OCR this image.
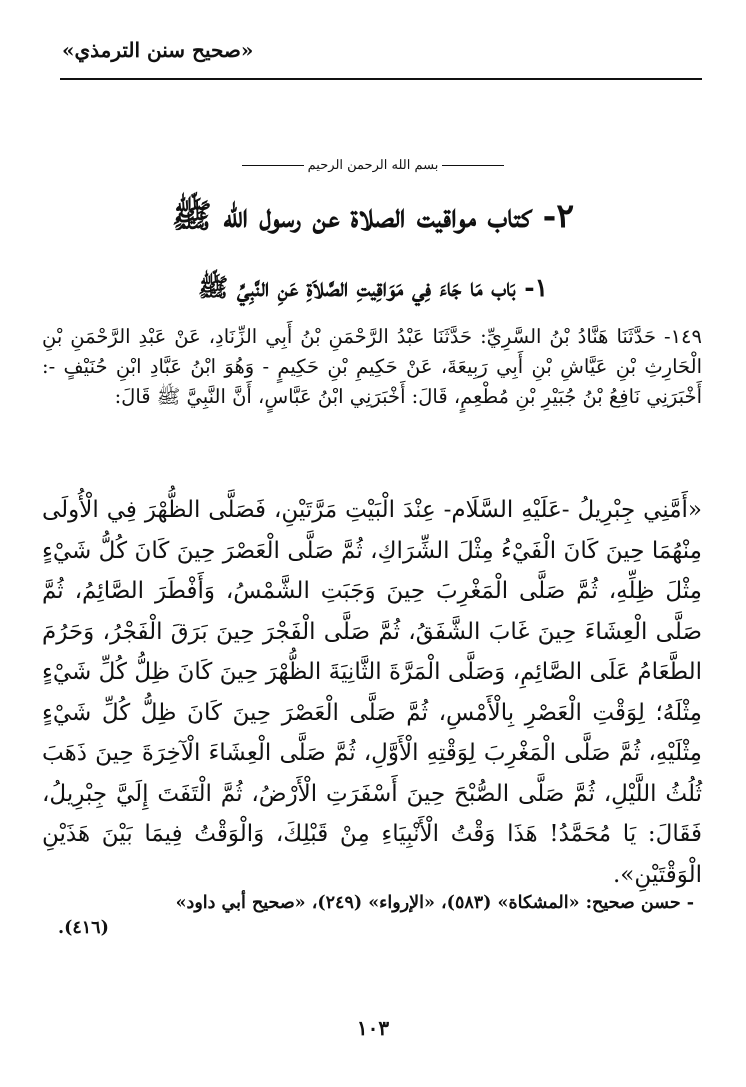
«صحيح سنن الترمذي»
بسم الله الرحمن الرحيم
٢- كتاب مواقيت الصلاة عن رسول الله ﷺ
١- بَاب مَا جَاءَ فِي مَوَاقِيتِ الصَّلاَةِ عَنِ النَّبِيِّ ﷺ
١٤٩- حَدَّثَنَا هَنَّادُ بْنُ السَّرِيِّ: حَدَّثَنَا عَبْدُ الرَّحْمَنِ بْنُ أَبِي الزِّنَادِ، عَنْ عَبْدِ الرَّحْمَنِ بْنِ الْحَارِثِ بْنِ عَيَّاشِ بْنِ أَبِي رَبِيعَةَ، عَنْ حَكِيمِ بْنِ حَكِيمٍ - وَهُوَ ابْنُ عَبَّادِ ابْنِ حُنَيْفٍ -: أَخْبَرَنِي نَافِعُ بْنُ جُبَيْرِ بْنِ مُطْعِمٍ، قَالَ: أَخْبَرَنِي ابْنُ عَبَّاسٍ، أَنَّ النَّبِيَّ ﷺ قَالَ:
«أَمَّنِي جِبْرِيلُ -عَلَيْهِ السَّلَام- عِنْدَ الْبَيْتِ مَرَّتَيْنِ، فَصَلَّى الظُّهْرَ فِي الْأُولَى مِنْهُمَا حِينَ كَانَ الْفَيْءُ مِثْلَ الشِّرَاكِ، ثُمَّ صَلَّى الْعَصْرَ حِينَ كَانَ كُلُّ شَيْءٍ مِثْلَ ظِلِّهِ، ثُمَّ صَلَّى الْمَغْرِبَ حِينَ وَجَبَتِ الشَّمْسُ، وَأَفْطَرَ الصَّائِمُ، ثُمَّ صَلَّى الْعِشَاءَ حِينَ غَابَ الشَّفَقُ، ثُمَّ صَلَّى الْفَجْرَ حِينَ بَرَقَ الْفَجْرُ، وَحَرُمَ الطَّعَامُ عَلَى الصَّائِمِ، وَصَلَّى الْمَرَّةَ الثَّانِيَةَ الظُّهْرَ حِينَ كَانَ ظِلُّ كُلِّ شَيْءٍ مِثْلَهُ؛ لِوَقْتِ الْعَصْرِ بِالْأَمْسِ، ثُمَّ صَلَّى الْعَصْرَ حِينَ كَانَ ظِلُّ كُلِّ شَيْءٍ مِثْلَيْهِ، ثُمَّ صَلَّى الْمَغْرِبَ لِوَقْتِهِ الْأَوَّلِ، ثُمَّ صَلَّى الْعِشَاءَ الْآخِرَةَ حِينَ ذَهَبَ ثُلُثُ اللَّيْلِ، ثُمَّ صَلَّى الصُّبْحَ حِينَ أَسْفَرَتِ الْأَرْضُ، ثُمَّ الْتَفَتَ إِلَيَّ جِبْرِيلُ، فَقَالَ: يَا مُحَمَّدُ! هَذَا وَقْتُ الْأَنْبِيَاءِ مِنْ قَبْلِكَ، وَالْوَقْتُ فِيمَا بَيْنَ هَذَيْنِ الْوَقْتَيْنِ».
- حسن صحيح: «المشكاة» (٥٨٣)، «الإرواء» (٢٤٩)، «صحيح أبي داود»
(٤١٦).
١٠٣
